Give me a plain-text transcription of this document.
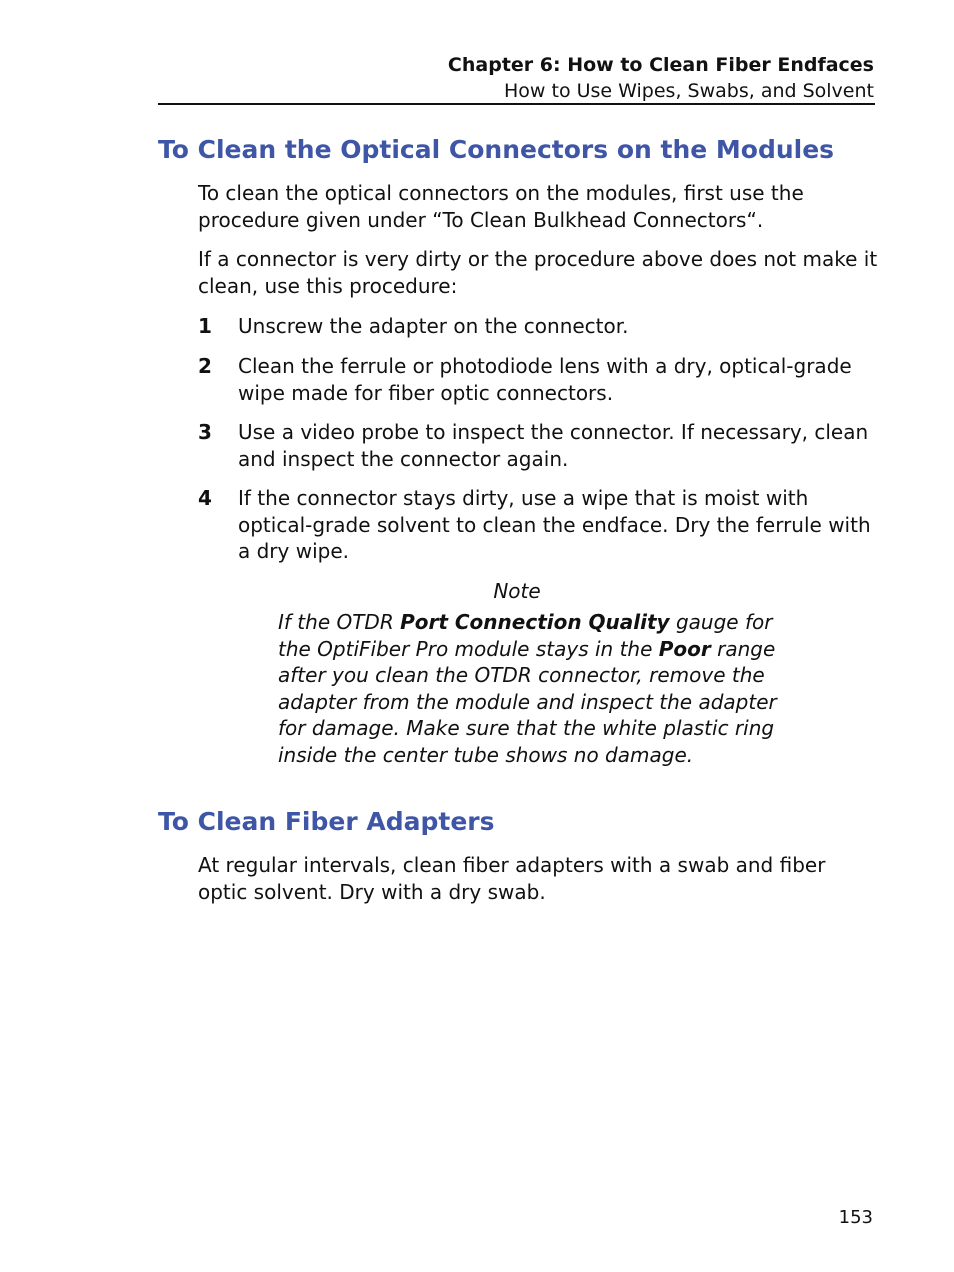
Chapter 6: How to Clean Fiber Endfaces
How to Use Wipes, Swabs, and Solvent
To Clean the Optical Connectors on the Modules

To clean the optical connectors on the modules, first use the procedure given under “To Clean Bulkhead Connectors“.

If a connector is very dirty or the procedure above does not make it clean, use this procedure:

1 Unscrew the adapter on the connector.
2 Clean the ferrule or photodiode lens with a dry, optical-grade wipe made for fiber optic connectors.
3 Use a video probe to inspect the connector. If necessary, clean and inspect the connector again.
4 If the connector stays dirty, use a wipe that is moist with optical-grade solvent to clean the endface. Dry the ferrule with a dry wipe.
Note
If the OTDR Port Connection Quality gauge for the OptiFiber Pro module stays in the Poor range after you clean the OTDR connector, remove the adapter from the module and inspect the adapter for damage. Make sure that the white plastic ring inside the center tube shows no damage.
To Clean Fiber Adapters

At regular intervals, clean fiber adapters with a swab and fiber optic solvent. Dry with a dry swab.

153
